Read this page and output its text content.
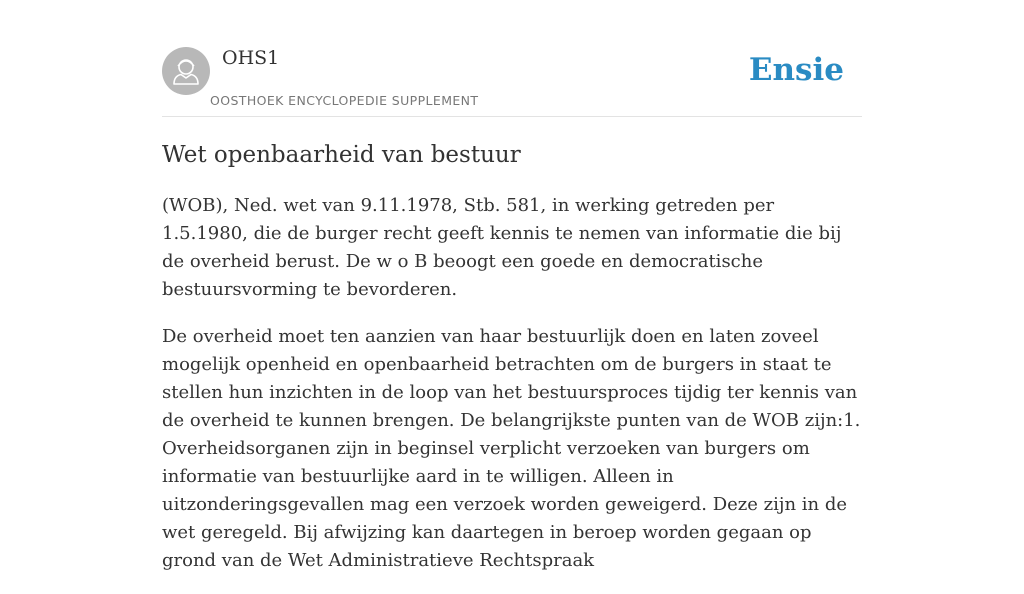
OHS1
OOSTHOEK ENCYCLOPEDIE SUPPLEMENT
Ensie
Wet openbaarheid van bestuur

(WOB), Ned. wet van 9.11.1978, Stb. 581, in werking getreden per 1.5.1980, die de burger recht geeft kennis te nemen van informatie die bij de overheid berust. De w o B beoogt een goede en democratische bestuursvorming te bevorderen.

De overheid moet ten aanzien van haar bestuurlijk doen en laten zoveel mogelijk openheid en openbaarheid betrachten om de burgers in staat te stellen hun inzichten in de loop van het bestuursproces tijdig ter kennis van de overheid te kunnen brengen. De belangrijkste punten van de WOB zijn:1. Overheidsorganen zijn in beginsel verplicht verzoeken van burgers om informatie van bestuurlijke aard in te willigen. Alleen in uitzonderingsgevallen mag een verzoek worden geweigerd. Deze zijn in de wet geregeld. Bij afwijzing kan daartegen in beroep worden gegaan op grond van de Wet Administratieve Rechtspraak
